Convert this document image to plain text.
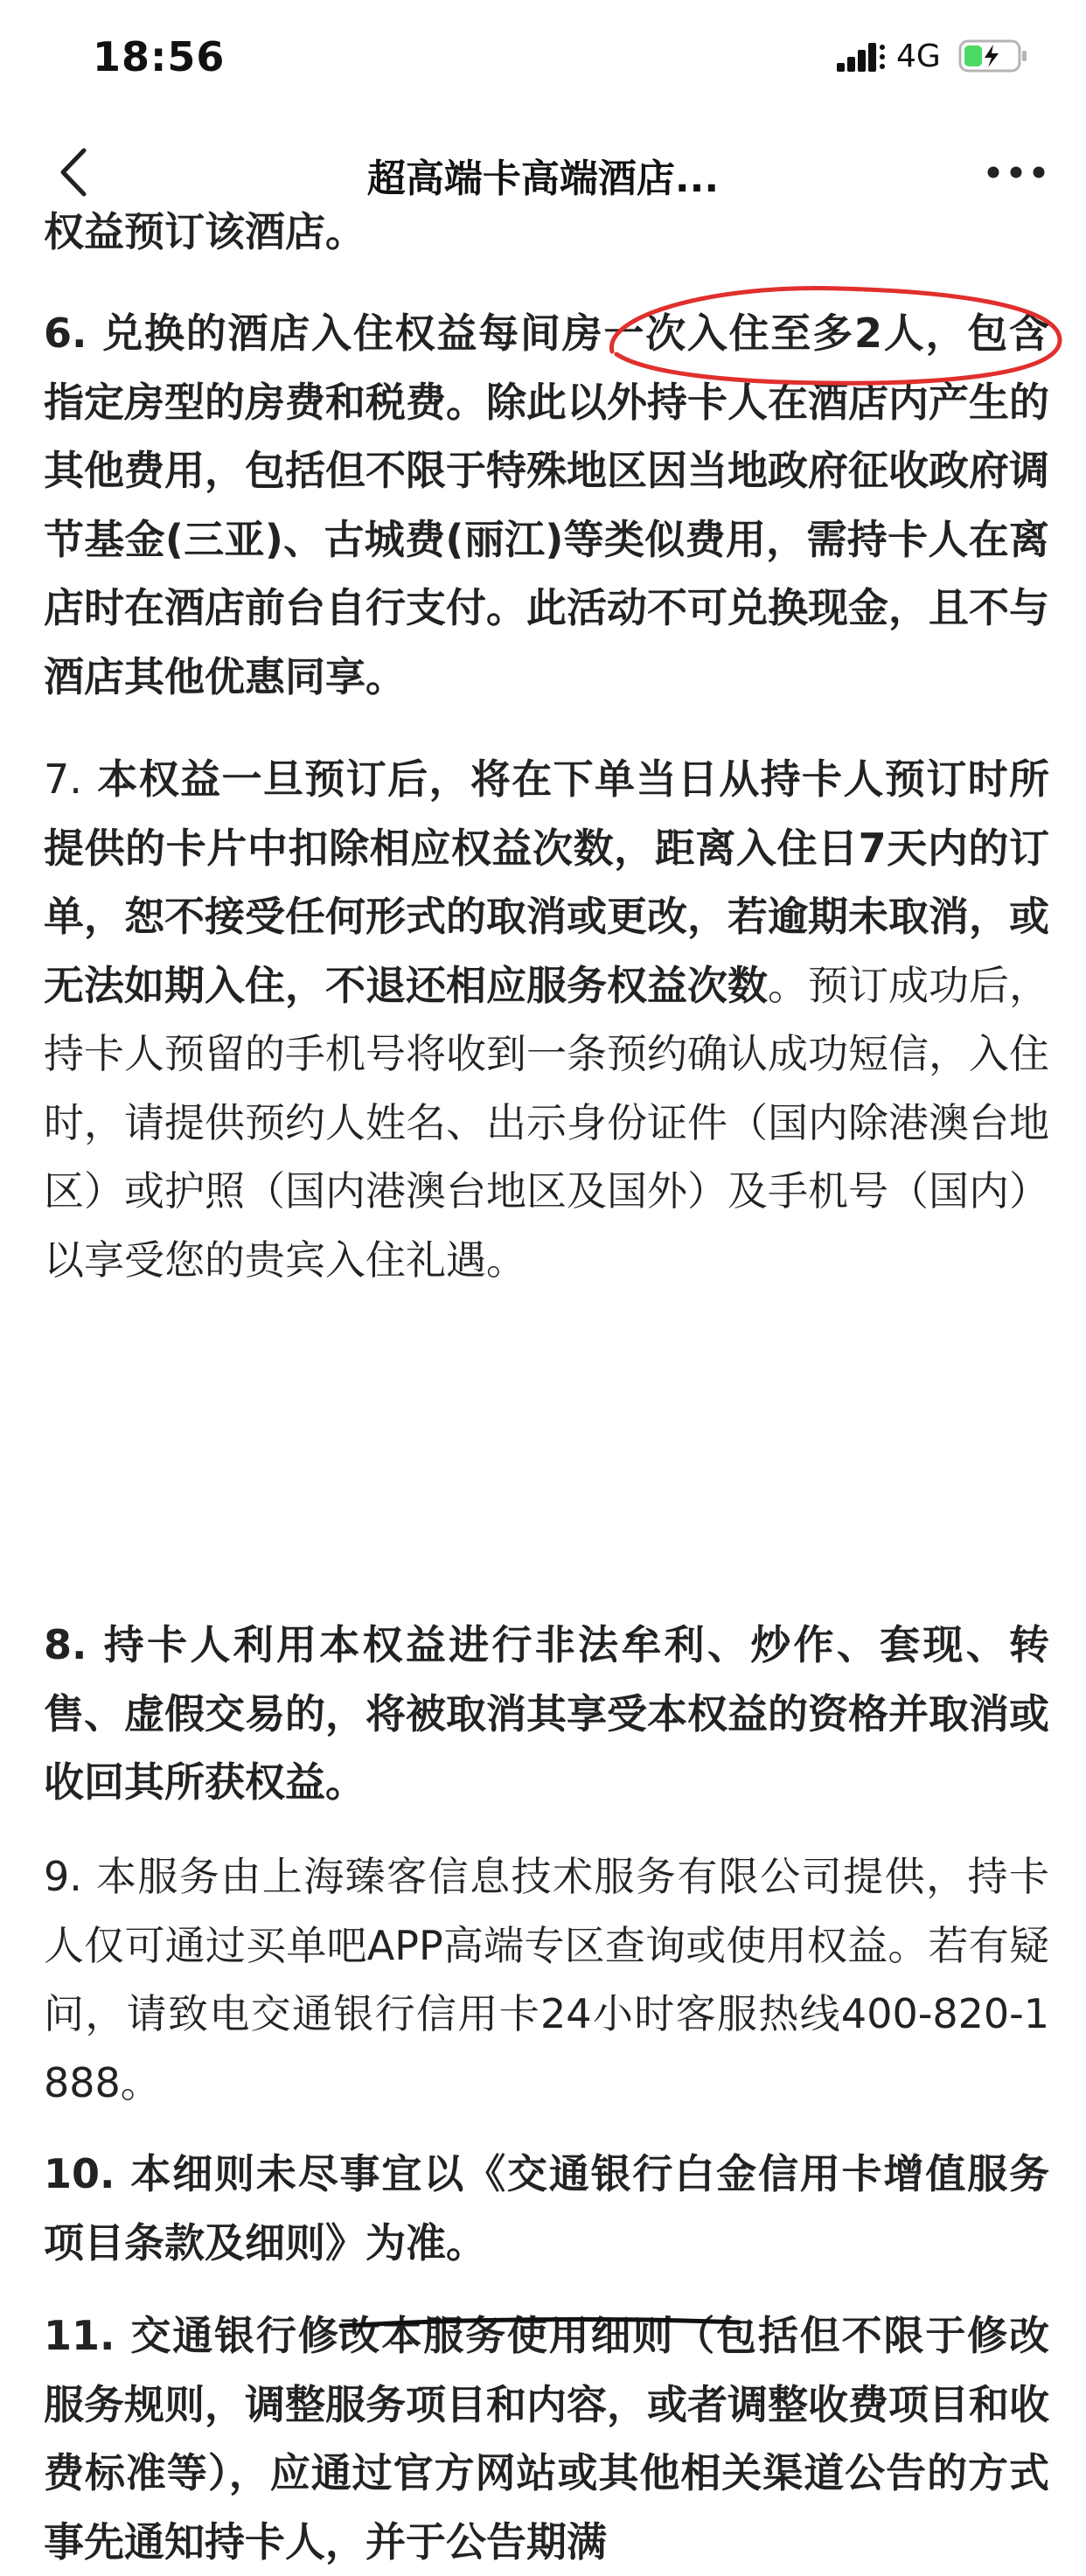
18:56	4G
超高端卡高端酒店...
权益预订该酒店。
6. 兑换的酒店入住权益每间房一次入住至多2人，包含指定房型的房费和税费。除此以外持卡人在酒店内产生的其他费用，包括但不限于特殊地区因当地政府征收政府调节基金(三亚)、古城费(丽江)等类似费用，需持卡人在离店时在酒店前台自行支付。此活动不可兑换现金，且不与酒店其他优惠同享。
7. 本权益一旦预订后，将在下单当日从持卡人预订时所提供的卡片中扣除相应权益次数，距离入住日7天内的订单，恕不接受任何形式的取消或更改，若逾期未取消，或无法如期入住，不退还相应服务权益次数。预订成功后，持卡人预留的手机号将收到一条预约确认成功短信，入住时，请提供预约人姓名、出示身份证件（国内除港澳台地区）或护照（国内港澳台地区及国外）及手机号（国内）以享受您的贵宾入住礼遇。
8. 持卡人利用本权益进行非法牟利、炒作、套现、转售、虚假交易的，将被取消其享受本权益的资格并取消或收回其所获权益。
9. 本服务由上海臻客信息技术服务有限公司提供，持卡人仅可通过买单吧APP高端专区查询或使用权益。若有疑问，请致电交通银行信用卡24小时客服热线400-820-1888。
10. 本细则未尽事宜以《交通银行白金信用卡增值服务项目条款及细则》为准。
11. 交通银行修改本服务使用细则（包括但不限于修改服务规则，调整服务项目和内容，或者调整收费项目和收费标准等），应通过官方网站或其他相关渠道公告的方式事先通知持卡人，并于公告期满
